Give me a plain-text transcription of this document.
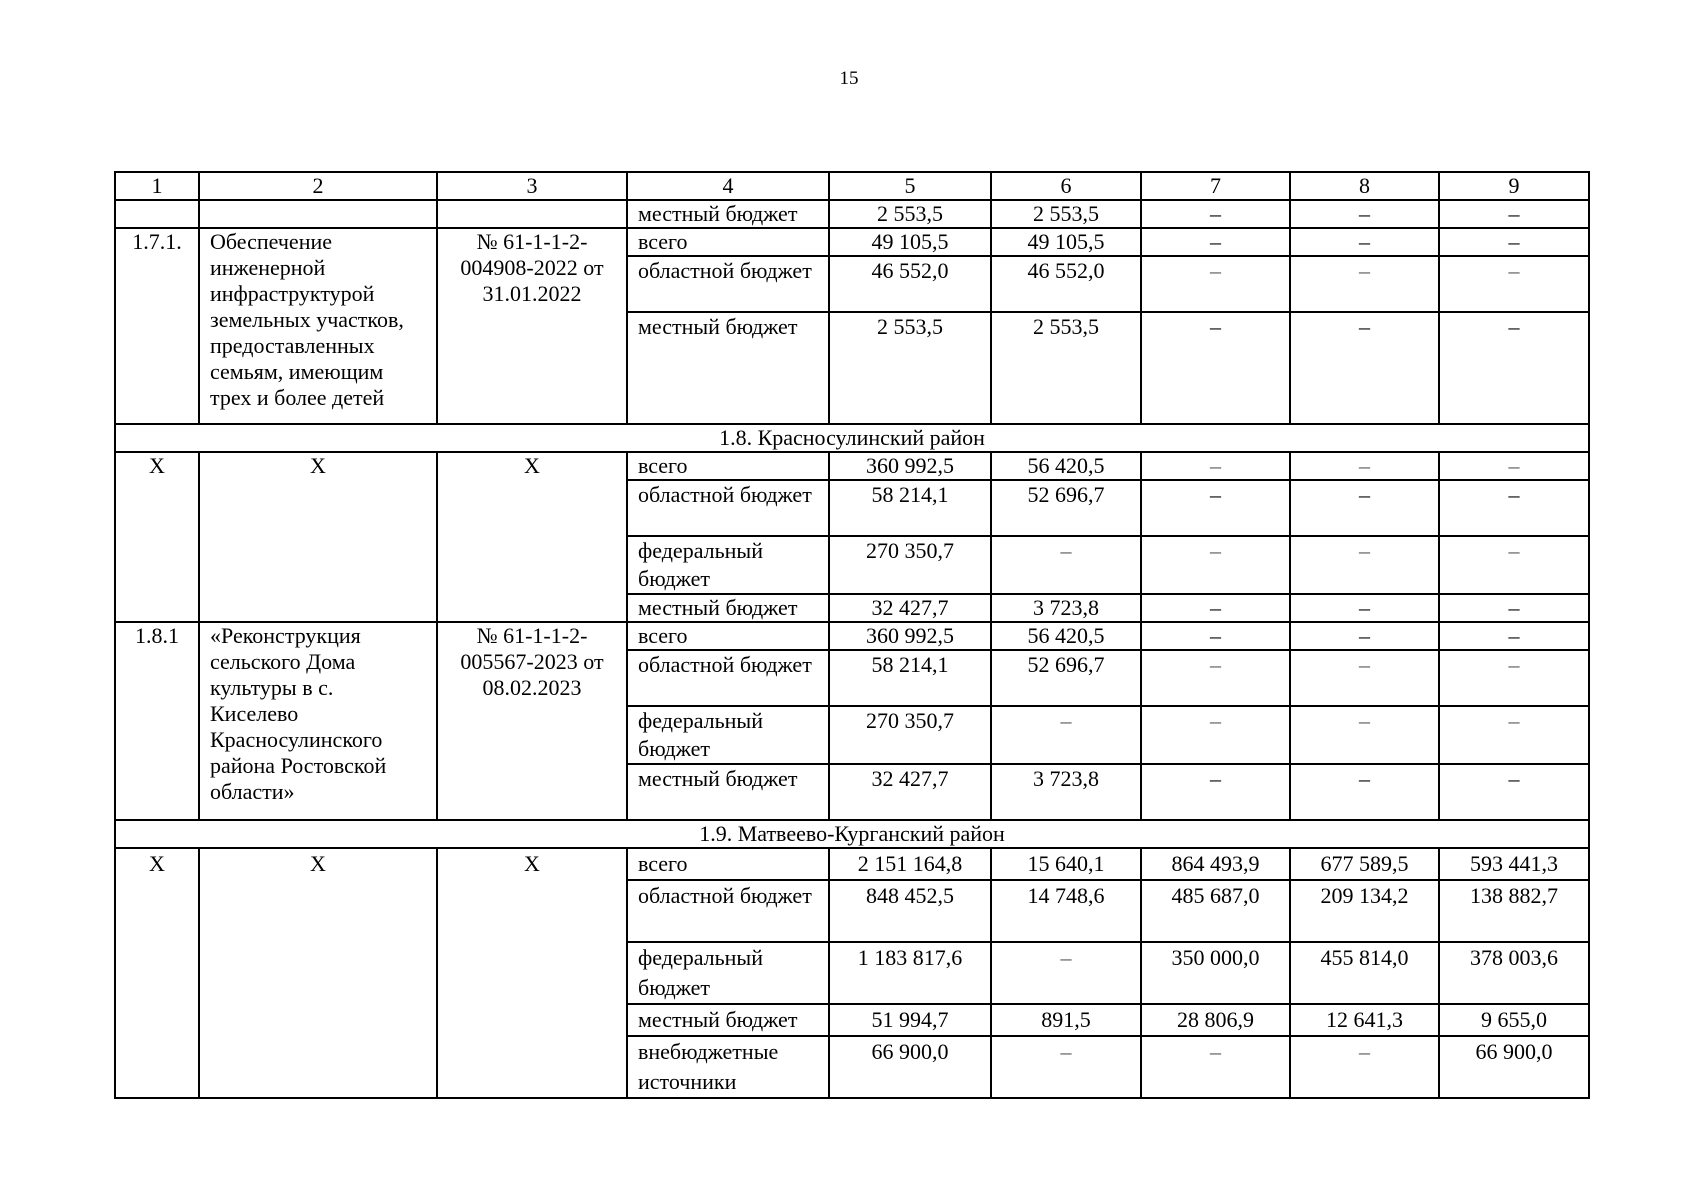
15
1	2	3	4	5	6	7	8	9
			местный бюджет	2 553,5	2 553,5	–	–	–
1.7.1.	Обеспечение инженерной инфраструктурой земельных участков, предоставленных семьям, имеющим трех и более детей	№ 61-1-1-2-004908-2022 от 31.01.2022	всего	49 105,5	49 105,5	–	–	–
			областной бюджет	46 552,0	46 552,0	–	–	–
			местный бюджет	2 553,5	2 553,5	–	–	–
1.8. Красносулинский район								
Х	Х	Х	всего	360 992,5	56 420,5	–	–	–
			областной бюджет	58 214,1	52 696,7	–	–	–
			федеральный бюджет	270 350,7	–	–	–	–
			местный бюджет	32 427,7	3 723,8	–	–	–
1.8.1	«Реконструкция сельского Дома культуры в с. Киселево Красносулинского района Ростовской области»	№ 61-1-1-2-005567-2023 от 08.02.2023	всего	360 992,5	56 420,5	–	–	–
			областной бюджет	58 214,1	52 696,7	–	–	–
			федеральный бюджет	270 350,7	–	–	–	–
			местный бюджет	32 427,7	3 723,8	–	–	–
1.9. Матвеево-Курганский район								
Х	Х	Х	всего	2 151 164,8	15 640,1	864 493,9	677 589,5	593 441,3
			областной бюджет	848 452,5	14 748,6	485 687,0	209 134,2	138 882,7
			федеральный бюджет	1 183 817,6	–	350 000,0	455 814,0	378 003,6
			местный бюджет	51 994,7	891,5	28 806,9	12 641,3	9 655,0
			внебюджетные источники	66 900,0	–	–	–	66 900,0
